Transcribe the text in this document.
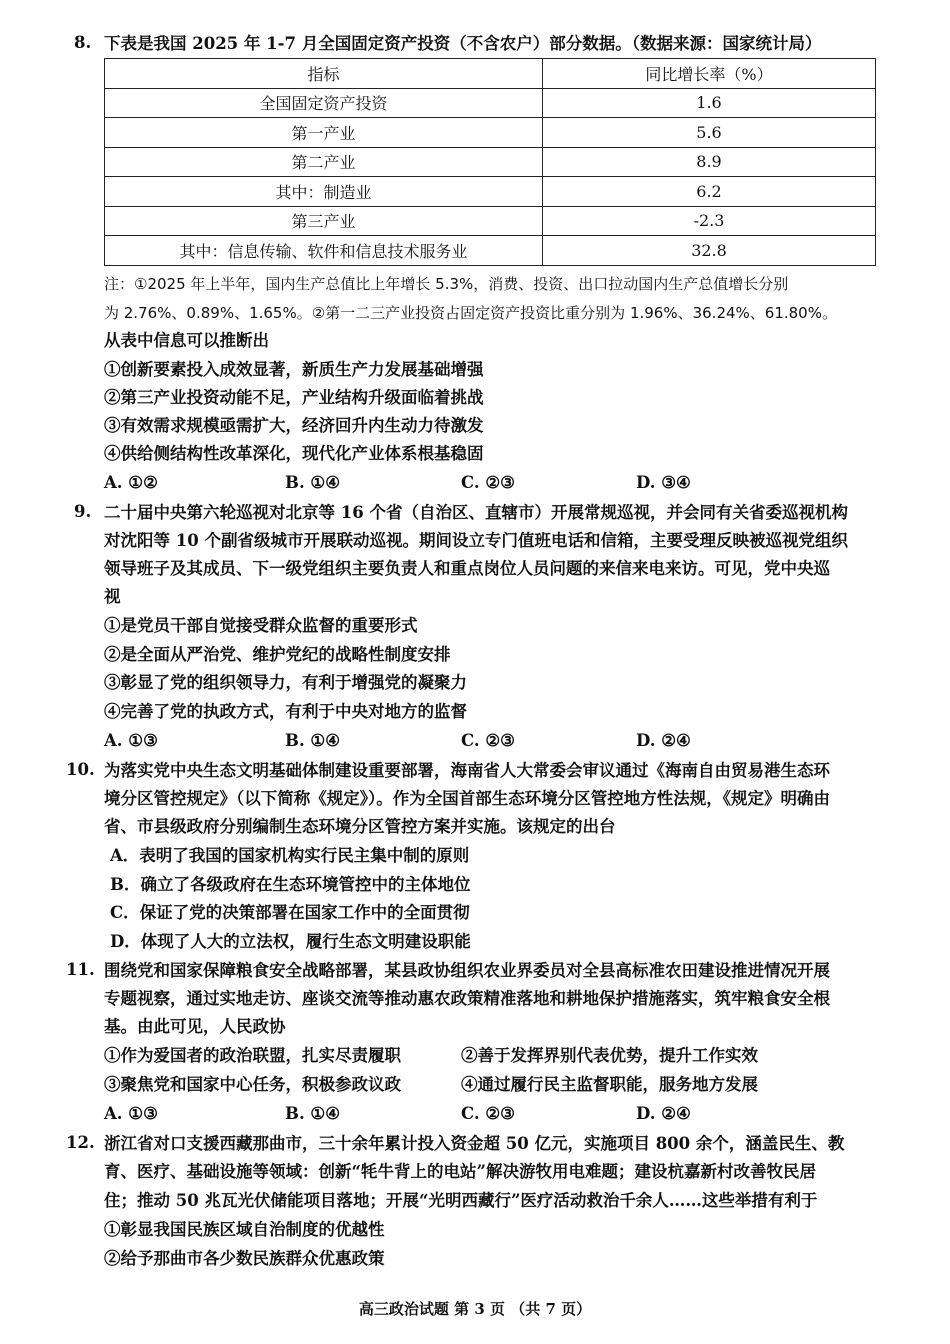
8. 下表是我国 2025 年 1-7 月全国固定资产投资（不含农户）部分数据。（数据来源：国家统计局）
指标	同比增长率（%）
全国固定资产投资	1.6
第一产业	5.6
第二产业	8.9
其中：制造业	6.2
第三产业	-2.3
其中：信息传输、软件和信息技术服务业	32.8
注：①2025 年上半年，国内生产总值比上年增长 5.3%，消费、投资、出口拉动国内生产总值增长分别
为 2.76%、0.89%、1.65%。②第一二三产业投资占固定资产投资比重分别为 1.96%、36.24%、61.80%。
从表中信息可以推断出
①创新要素投入成效显著，新质生产力发展基础增强
②第三产业投资动能不足，产业结构升级面临着挑战
③有效需求规模亟需扩大，经济回升内生动力待激发
④供给侧结构性改革深化，现代化产业体系根基稳固
A. ①②	B. ①④	C. ②③	D. ③④
9. 二十届中央第六轮巡视对北京等 16 个省（自治区、直辖市）开展常规巡视，并会同有关省委巡视机构
对沈阳等 10 个副省级城市开展联动巡视。期间设立专门值班电话和信箱，主要受理反映被巡视党组织
领导班子及其成员、下一级党组织主要负责人和重点岗位人员问题的来信来电来访。可见，党中央巡
视
①是党员干部自觉接受群众监督的重要形式
②是全面从严治党、维护党纪的战略性制度安排
③彰显了党的组织领导力，有利于增强党的凝聚力
④完善了党的执政方式，有利于中央对地方的监督
A. ①③	B. ①④	C. ②③	D. ②④
10. 为落实党中央生态文明基础体制建设重要部署，海南省人大常委会审议通过《海南自由贸易港生态环
境分区管控规定》（以下简称《规定》）。作为全国首部生态环境分区管控地方性法规，《规定》明确由
省、市县级政府分别编制生态环境分区管控方案并实施。该规定的出台
A．表明了我国的国家机构实行民主集中制的原则
B．确立了各级政府在生态环境管控中的主体地位
C．保证了党的决策部署在国家工作中的全面贯彻
D．体现了人大的立法权，履行生态文明建设职能
11. 围绕党和国家保障粮食安全战略部署，某县政协组织农业界委员对全县高标准农田建设推进情况开展
专题视察，通过实地走访、座谈交流等推动惠农政策精准落地和耕地保护措施落实，筑牢粮食安全根
基。由此可见，人民政协
①作为爱国者的政治联盟，扎实尽责履职	②善于发挥界别代表优势，提升工作实效
③聚焦党和国家中心任务，积极参政议政	④通过履行民主监督职能，服务地方发展
A. ①③	B. ①④	C. ②③	D. ②④
12. 浙江省对口支援西藏那曲市，三十余年累计投入资金超 50 亿元，实施项目 800 余个，涵盖民生、教
育、医疗、基础设施等领域：创新“牦牛背上的电站”解决游牧用电难题；建设杭嘉新村改善牧民居
住；推动 50 兆瓦光伏储能项目落地；开展“光明西藏行”医疗活动救治千余人……这些举措有利于
①彰显我国民族区域自治制度的优越性
②给予那曲市各少数民族群众优惠政策
高三政治试题 第 3 页 （共 7 页）
